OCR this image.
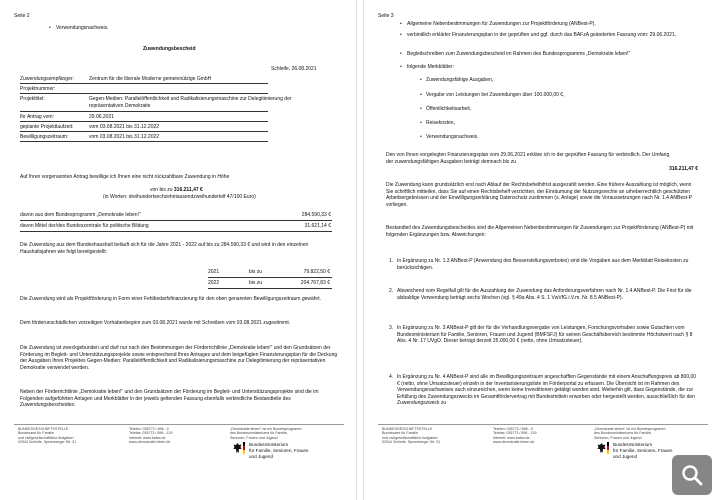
Seite 2
• Verwendungsnachweis.
Zuwendungsbescheid
Schleife, 26.08.2021
Zuwendungsempfänger:	Zentrum für die liberale Moderne gemeinnützige GmbH
Projektnummer:
Projekttitel:	Gegen-Medien: Parallelöffentlichkeit und Radikalisierungsmaschine zur Delegitimierung der repräsentativen Demokratie
Ihr Antrag vom:	29.06.2021
geplante Projektlaufzeit:	vom 03.08.2021 bis 31.12.2022
Bewilligungszeitraum:	vom 03.08.2021 bis 31.12.2022
Auf Ihren vorgenannten Antrag bewillige ich Ihnen eine nicht rückzahlbare Zuwendung in Höhe
von bis zu 316.211,47 €
(in Worten: dreihundertsechzehntausendzweihundertelf 47/100 Euro)
davon aus dem Bundesprogramm „Demokratie leben!“	284.590,33 €
davon Mittel der/des Bundeszentrale für politische Bildung	31.621,14 €
Die Zuwendung aus dem Bundeshaushalt beläuft sich für die Jahre 2021 - 2022 auf bis zu 284.590,33 € und wird in den einzelnen Haushaltsjahren wie folgt bereitgestellt:
2021	bis zu	79.822,50 €
2022	bis zu	204.767,83 €
Die Zuwendung wird als Projektförderung in Form einer Fehlbedarfsfinanzierung für den oben genannten Bewilligungszeitraum gewährt.
Dem förderunschädlichen vorzeitigen Vorhabenbeginn zum 03.08.2021 wurde mit Schreiben vom 03.08.2021 zugestimmt.
Die Zuwendung ist zweckgebunden und darf nur nach den Bestimmungen der Förderrichtlinie „Demokratie leben!“ und den Grundsätzen der Förderung im Begleit- und Unterstützungsprojekte sowie entsprechend Ihres Antrages und dem beigefügten Finanzierungsplan für die Deckung der Ausgaben Ihres Projektes Gegen-Medien: Parallelöffentlichkeit und Radikalisierungsmaschine zur Delegitimierung der repräsentativen Demokratie verwendet werden.
Neben der Förderrichtlinie „Demokratie leben!“ und den Grundsätzen der Förderung im Begleit- und Unterstützungsprojekte sind die im Folgenden aufgeführten Anlagen und Merkblätter in der jeweils geltenden Fassung ebenfalls verbindliche Bestandteile des Zuwendungsbescheides:
BUNDESGESCHÄFTSSTELLE
Bundesamt für Familie
und zivilgesellschaftliche Aufgaben
02944 Schleife, Spremberger Str. 31
Telefon: 035773 / 896 - 0
Telefax: 035773 / 896 - 129
Internet: www.bafza.de
www.demokratie-leben.de
„Demokratie leben!“ ist ein Bundesprogramm
des Bundesministeriums für Familie,
Senioren, Frauen und Jugend
Bundesministerium
für Familie, Senioren, Frauen
und Jugend
Seite 3
• Allgemeine Nebenbestimmungen für Zuwendungen zur Projektförderung (ANBest-P),
• verbindlich erklärter Finanzierungsplan in der geprüften und ggf. durch das BAFzA geänderten Fassung vom: 29.06.2021,
• Begleitschreiben zum Zuwendungsbescheid im Rahmen des Bundesprogramms „Demokratie leben!“
• folgende Merkblätter:
• Zuwendungsfähige Ausgaben,
• Vergabe von Leistungen bei Zuwendungen über 100.000,00 €,
• Öffentlichkeitsarbeit,
• Reisekosten,
• Verwendungsnachweis.
Den von Ihnen vorgelegten Finanzierungsplan vom 29.06.2021 erkläre ich in der geprüften Fassung für verbindlich. Der Umfang der zuwendungsfähigen Ausgaben beträgt demnach bis zu
316.211,47 €
Die Zuwendung kann grundsätzlich erst nach Ablauf der Rechtsbehelfsfrist ausgezahlt werden. Eine frühere Auszahlung ist möglich, wenn Sie schriftlich mitteilen, dass Sie auf einen Rechtsbehelf verzichten, der Einräumung der Nutzungsrechte an urheberrechtlich geschützten Arbeitsergebnissen und der Einwilligungserklärung Datenschutz zustimmen (s. Anlage) sowie die Voraussetzungen nach Nr. 1.4 ANBest-P vorliegen.
Bestandteil des Zuwendungsbescheides sind die Allgemeinen Nebenbestimmungen für Zuwendungen zur Projektförderung (ANBest-P) mit folgenden Ergänzungen bzw. Abweichungen:
1. In Ergänzung zu Nr. 1.3 ANBest-P (Anwendung des Besserstellungsverbotes) sind die Vorgaben aus dem Merkblatt Reisekosten zu berücksichtigen.
2. Abweichend vom Regelfall gilt für die Auszahlung der Zuwendung das Anforderungsverfahren nach Nr. 1.4 ANBest-P. Die Frist für die alsbaldige Verwendung beträgt sechs Wochen (vgl. § 49a Abs. 4 S. 1 VwVfG i.V.m. Nr. 8.5 ANBest-P).
3. In Ergänzung zu Nr. 3 ANBest-P gilt der für die Verhandlungsvergabe von Leistungen, Forschungsvorhaben sowie Gutachten vom Bundesministerium für Familie, Senioren, Frauen und Jugend (BMFSFJ) für seinen Geschäftsbereich bestimmte Höchstwert nach § 8 Abs. 4 Nr. 17 UVgO. Dieser beträgt derzeit 25.000,00 € (netto, ohne Umsatzsteuer).
4. In Ergänzung zu Nr. 4 ANBest-P sind alle im Bewilligungszeitraum angeschafften Gegenstände mit einem Anschaffungspreis ab 800,00 € (netto, ohne Umsatzsteuer) einzeln in der Inventarisierungsliste im Förderportal zu erfassen. Die Übersicht ist im Rahmen des Verwendungsnachweises auch einzureichen, wenn keine Investitionen getätigt worden sind. Weiterhin gilt, dass Gegenstände, die zur Erfüllung des Zuwendungszwecks im Gesamtfördervertrag mit Bundesmitteln erworben oder hergestellt werden, ausschließlich für den Zuwendungszweck zu
BUNDESGESCHÄFTSSTELLE
Bundesamt für Familie
und zivilgesellschaftliche Aufgaben
02944 Schleife, Spremberger Str. 31
Telefon: 035773 / 896 - 0
Telefax: 035773 / 896 - 129
Internet: www.bafza.de
www.demokratie-leben.de
„Demokratie leben!“ ist ein Bundesprogramm
des Bundesministeriums für Familie,
Senioren, Frauen und Jugend
Bundesministerium
für Familie, Senioren, Frauen
und Jugend
